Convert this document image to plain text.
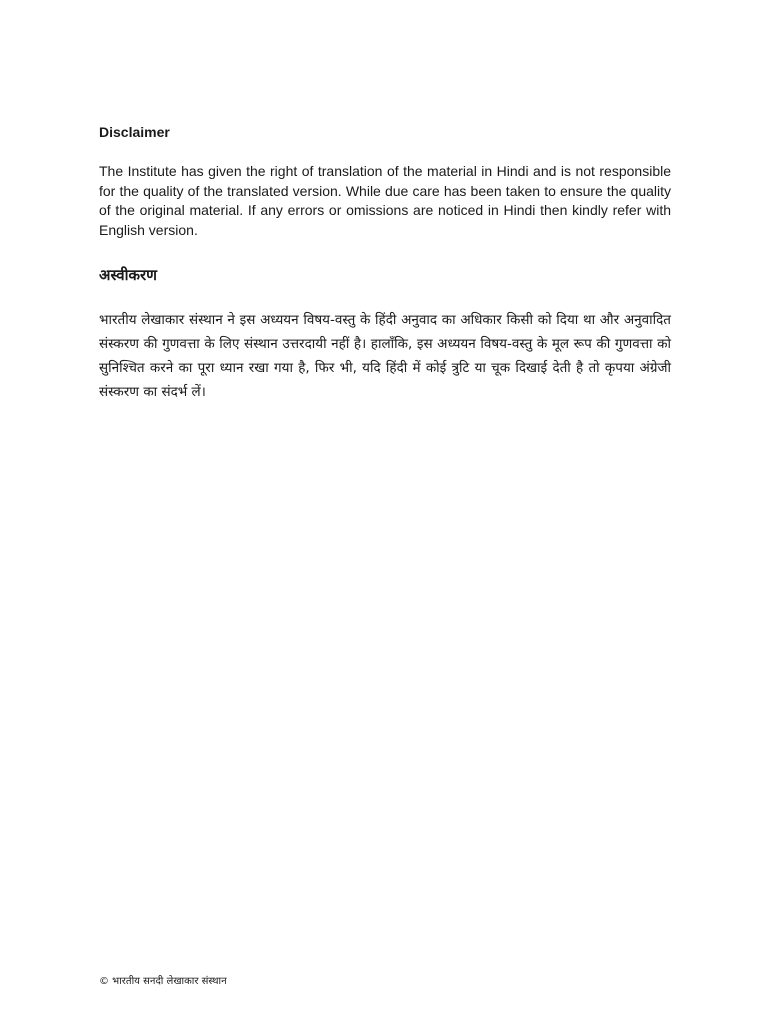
Disclaimer

The Institute has given the right of translation of the material in Hindi and is not responsible for the quality of the translated version. While due care has been taken to ensure the quality of the original material. If any errors or omissions are noticed in Hindi then kindly refer with English version.

अस्वीकरण

भारतीय लेखाकार संस्थान ने इस अध्ययन विषय-वस्तु के हिंदी अनुवाद का अधिकार किसी को दिया था और अनुवादित संस्करण की गुणवत्ता के लिए संस्थान उत्तरदायी नहीं है। हालाँकि, इस अध्ययन विषय-वस्तु के मूल रूप की गुणवत्ता को सुनिश्चित करने का पूरा ध्यान रखा गया है, फिर भी, यदि हिंदी में कोई त्रुटि या चूक दिखाई देती है तो कृपया अंग्रेजी संस्करण का संदर्भ लें।

© भारतीय सनदी लेखाकार संस्थान
